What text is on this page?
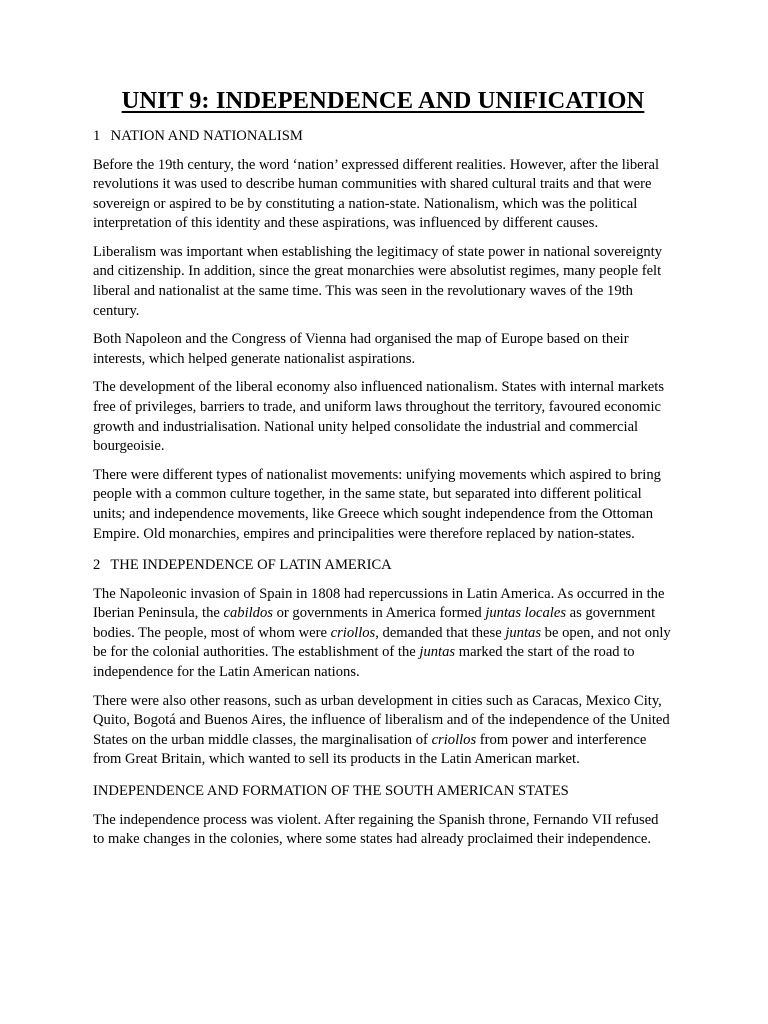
UNIT 9: INDEPENDENCE AND UNIFICATION
1 NATION AND NATIONALISM

Before the 19th century, the word ‘nation’ expressed different realities. However, after the liberal revolutions it was used to describe human communities with shared cultural traits and that were sovereign or aspired to be by constituting a nation-state. Nationalism, which was the political interpretation of this identity and these aspirations, was influenced by different causes.

Liberalism was important when establishing the legitimacy of state power in national sovereignty and citizenship. In addition, since the great monarchies were absolutist regimes, many people felt liberal and nationalist at the same time. This was seen in the revolutionary waves of the 19th century.

Both Napoleon and the Congress of Vienna had organised the map of Europe based on their interests, which helped generate nationalist aspirations.

The development of the liberal economy also influenced nationalism. States with internal markets free of privileges, barriers to trade, and uniform laws throughout the territory, favoured economic growth and industrialisation. National unity helped consolidate the industrial and commercial bourgeoisie.

There were different types of nationalist movements: unifying movements which aspired to bring people with a common culture together, in the same state, but separated into different political units; and independence movements, like Greece which sought independence from the Ottoman Empire. Old monarchies, empires and principalities were therefore replaced by nation-states.

2 THE INDEPENDENCE OF LATIN AMERICA

The Napoleonic invasion of Spain in 1808 had repercussions in Latin America. As occurred in the Iberian Peninsula, the cabildos or governments in America formed juntas locales as government bodies. The people, most of whom were criollos, demanded that these juntas be open, and not only be for the colonial authorities. The establishment of the juntas marked the start of the road to independence for the Latin American nations.

There were also other reasons, such as urban development in cities such as Caracas, Mexico City, Quito, Bogotá and Buenos Aires, the influence of liberalism and of the independence of the United States on the urban middle classes, the marginalisation of criollos from power and interference from Great Britain, which wanted to sell its products in the Latin American market.

INDEPENDENCE AND FORMATION OF THE SOUTH AMERICAN STATES

The independence process was violent. After regaining the Spanish throne, Fernando VII refused to make changes in the colonies, where some states had already proclaimed their independence.
